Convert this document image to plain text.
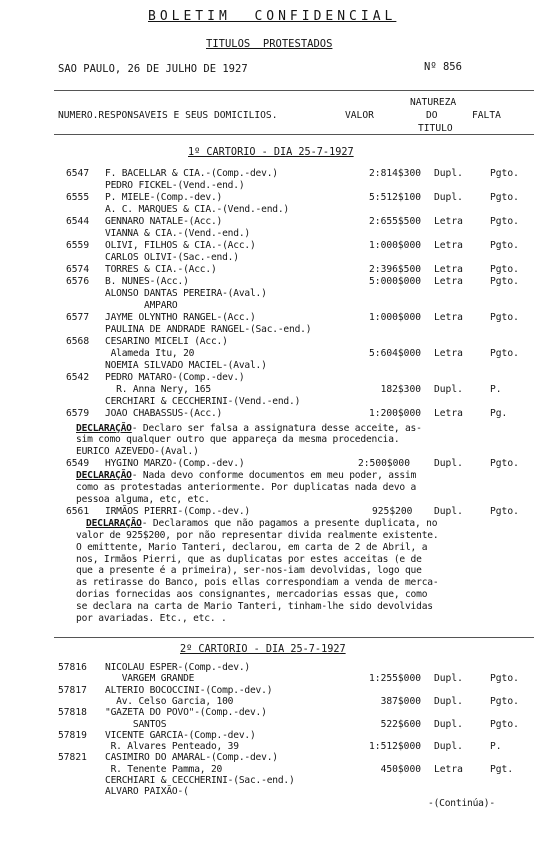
BOLETIM  CONFIDENCIAL
TITULOS  PROTESTADOS
SAO PAULO, 26 DE JULHO DE 1927	Nº 856
NUMERO.RESPONSAVEIS E SEUS DOMICILIOS.	VALOR
NATUREZA
DO
TITULO
FALTA
1º CARTORIO - DIA 25-7-1927
6547 F. BACELLAR & CIA.-(Comp.-dev.)	2:814$300 Dupl.	Pgto.
PEDRO FICKEL-(Vend.-end.)
6555 P. MIELE-(Comp.-dev.)	5:512$100 Dupl.	Pgto.
A. C. MARQUES & CIA.-(Vend.-end.)
6544 GENNARO NATALE-(Acc.)	2:655$500 Letra	Pgto.
VIANNA & CIA.-(Vend.-end.)
6559 OLIVI, FILHOS & CIA.-(Acc.)	1:000$000 Letra	Pgto.
CARLOS OLIVI-(Sac.-end.)
6574 TORRES & CIA.-(Acc.)	2:396$500 Letra	Pgto.
6576 B. NUNES-(Acc.)	5:000$000 Letra	Pgto.
ALONSO DANTAS PEREIRA-(Aval.)
AMPARO
6577 JAYME OLYNTHO RANGEL-(Acc.)	1:000$000 Letra	Pgto.
PAULINA DE ANDRADE RANGEL-(Sac.-end.)
6568 CESARINO MICELI (Acc.)
Alameda Itu, 20	5:604$000 Letra	Pgto.
NOEMIA SILVADO MACIEL-(Aval.)
6542 PEDRO MATARO-(Comp.-dev.)
R. Anna Nery, 165	182$300 Dupl.	P.
CERCHIARI & CECCHERINI-(Vend.-end.)
6579 JOAO CHABASSUS-(Acc.)	1:200$000 Letra	Pg.
DECLARAÇÃO- Declaro ser falsa a assignatura desse acceite, as-
sim como qualquer outro que appareça da mesma procedencia.
EURICO AZEVEDO-(Aval.)
6549 HYGINO MARZO-(Comp.-dev.)	2:500$000	Dupl.	Pgto.
DECLARAÇÃO- Nada devo conforme documentos em meu poder, assim
como as protestadas anteriormente. Por duplicatas nada devo a
pessoa alguma, etc, etc.
6561 IRMÃOS PIERRI-(Comp.-dev.)	925$200 Dupl.	Pgto.
DECLARAÇÃO- Declaramos que não pagamos a presente duplicata, no
valor de 925$200, por não representar divida realmente existente.
O emittente, Mario Tanteri, declarou, em carta de 2 de Abril, a
nos, Irmãos Pierri, que as duplicatas por estes acceitas (e de
que a presente é a primeira), ser-nos-iam devolvidas, logo que
as retirasse do Banco, pois ellas correspondiam a venda de merca-
dorias fornecidas aos consignantes, mercadorias essas que, como
se declara na carta de Mario Tanteri, tinham-lhe sido devolvidas
por avariadas. Etc., etc. .
2º CARTORIO - DIA 25-7-1927
57816 NICOLAU ESPER-(Comp.-dev.)
VARGEM GRANDE	1:255$000 Dupl.	Pgto.
57817 ALTERIO BOCOCCINI-(Comp.-dev.)
Av. Celso Garcia, 100	387$000 Dupl.	Pgto.
57818 "GAZETA DO POVO"-(Comp.-dev.)
SANTOS	522$600 Dupl.	Pgto.
57819 VICENTE GARCIA-(Comp.-dev.)
R. Alvares Penteado, 39	1:512$000 Dupl.	P.
57821 CASIMIRO DO AMARAL-(Comp.-dev.)
R. Tenente Pamma, 20	450$000 Letra	Pgt.
CERCHIARI & CECCHERINI-(Sac.-end.)
ALVARO PAIXÃO-(
-(Continúa)-
